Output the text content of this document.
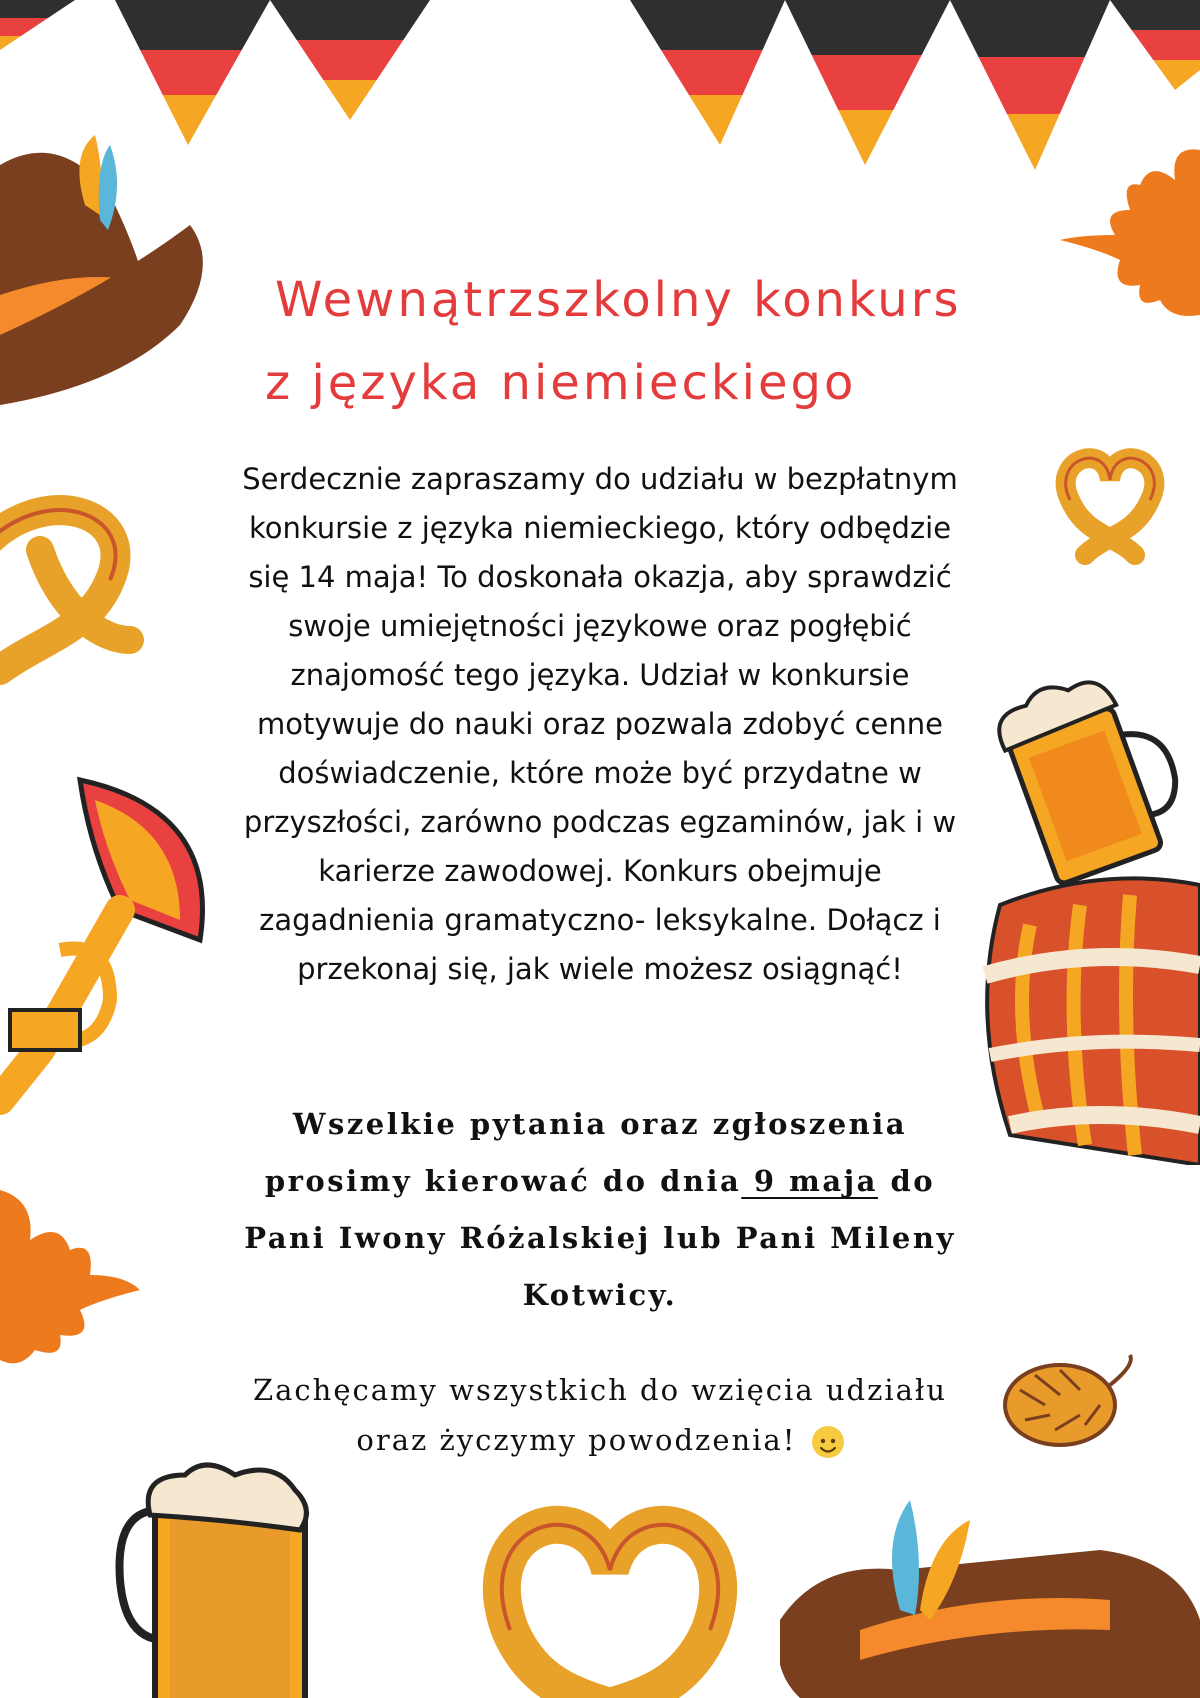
Wewnątrzszkolny konkurs
z języka niemieckiego
Serdecznie zapraszamy do udziału w bezpłatnym konkursie z języka niemieckiego, który odbędzie się 14 maja! To doskonała okazja, aby sprawdzić swoje umiejętności językowe oraz pogłębić znajomość tego języka. Udział w konkursie motywuje do nauki oraz pozwala zdobyć cenne doświadczenie, które może być przydatne w przyszłości, zarówno podczas egzaminów, jak i w karierze zawodowej. Konkurs obejmuje zagadnienia gramatyczno- leksykalne. Dołącz i przekonaj się, jak wiele możesz osiągnąć!
Wszelkie pytania oraz zgłoszenia prosimy kierować do dnia 9 maja do Pani Iwony Różalskiej lub Pani Mileny Kotwicy.
Zachęcamy wszystkich do wzięcia udziału oraz życzymy powodzenia!
